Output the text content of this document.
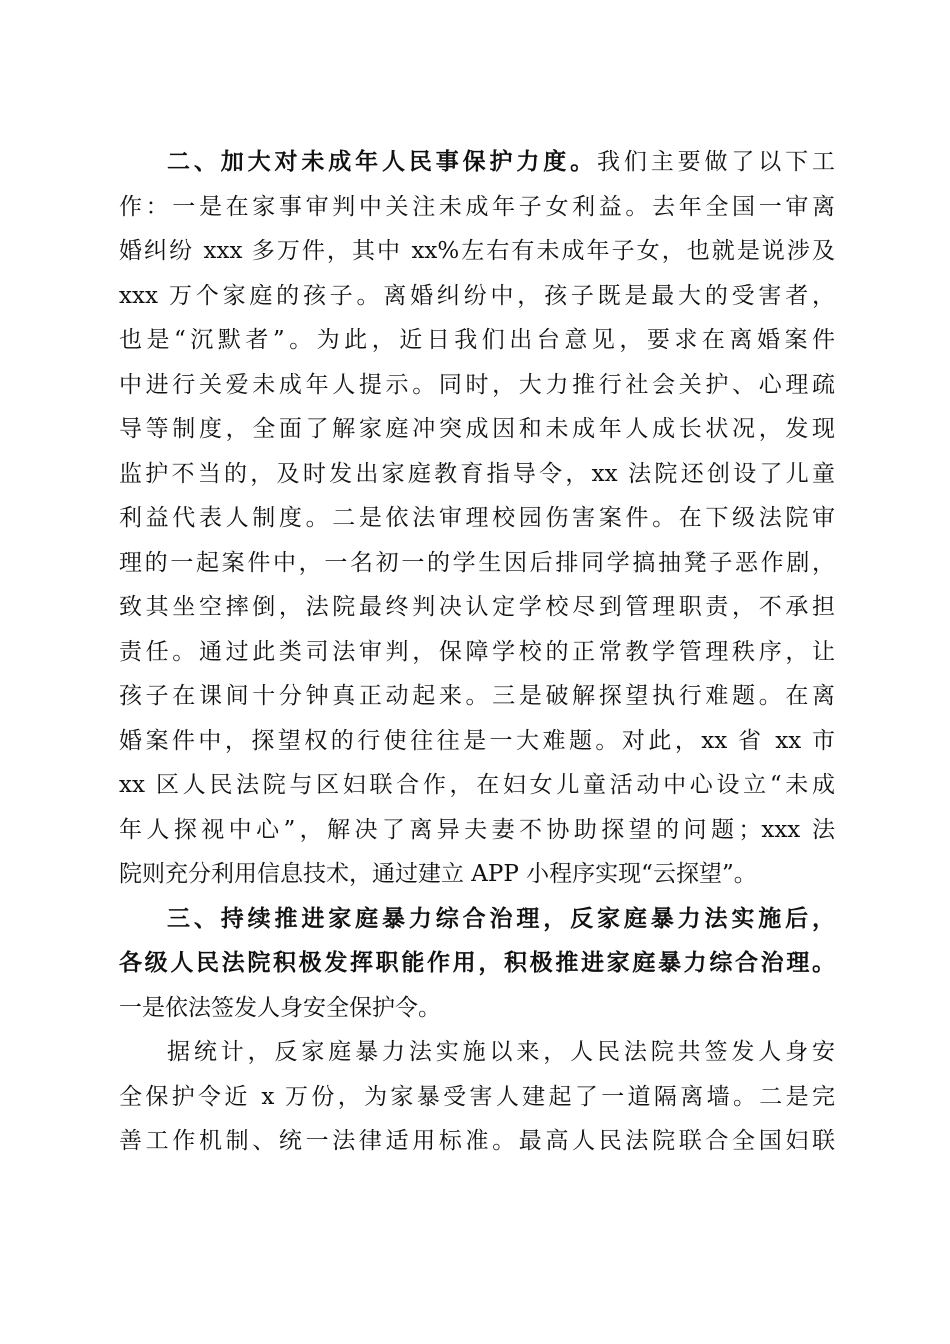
二、加大对未成年人民事保护力度。我们主要做了以下工
作：一是在家事审判中关注未成年子女利益。去年全国一审离
婚纠纷 xxx 多万件，其中 xx%左右有未成年子女，也就是说涉及
xxx 万个家庭的孩子。离婚纠纷中，孩子既是最大的受害者，
也是“沉默者”。为此，近日我们出台意见，要求在离婚案件
中进行关爱未成年人提示。同时，大力推行社会关护、心理疏
导等制度，全面了解家庭冲突成因和未成年人成长状况，发现
监护不当的，及时发出家庭教育指导令，xx 法院还创设了儿童
利益代表人制度。二是依法审理校园伤害案件。在下级法院审
理的一起案件中，一名初一的学生因后排同学搞抽凳子恶作剧，
致其坐空摔倒，法院最终判决认定学校尽到管理职责，不承担
责任。通过此类司法审判，保障学校的正常教学管理秩序，让
孩子在课间十分钟真正动起来。三是破解探望执行难题。在离
婚案件中，探望权的行使往往是一大难题。对此，xx 省 xx 市
xx 区人民法院与区妇联合作，在妇女儿童活动中心设立“未成
年人探视中心”，解决了离异夫妻不协助探望的问题；xxx 法
院则充分利用信息技术，通过建立 APP 小程序实现“云探望”。
三、持续推进家庭暴力综合治理，反家庭暴力法实施后，
各级人民法院积极发挥职能作用，积极推进家庭暴力综合治理。
一是依法签发人身安全保护令。
据统计，反家庭暴力法实施以来，人民法院共签发人身安
全保护令近 x 万份，为家暴受害人建起了一道隔离墙。二是完
善工作机制、统一法律适用标准。最高人民法院联合全国妇联
